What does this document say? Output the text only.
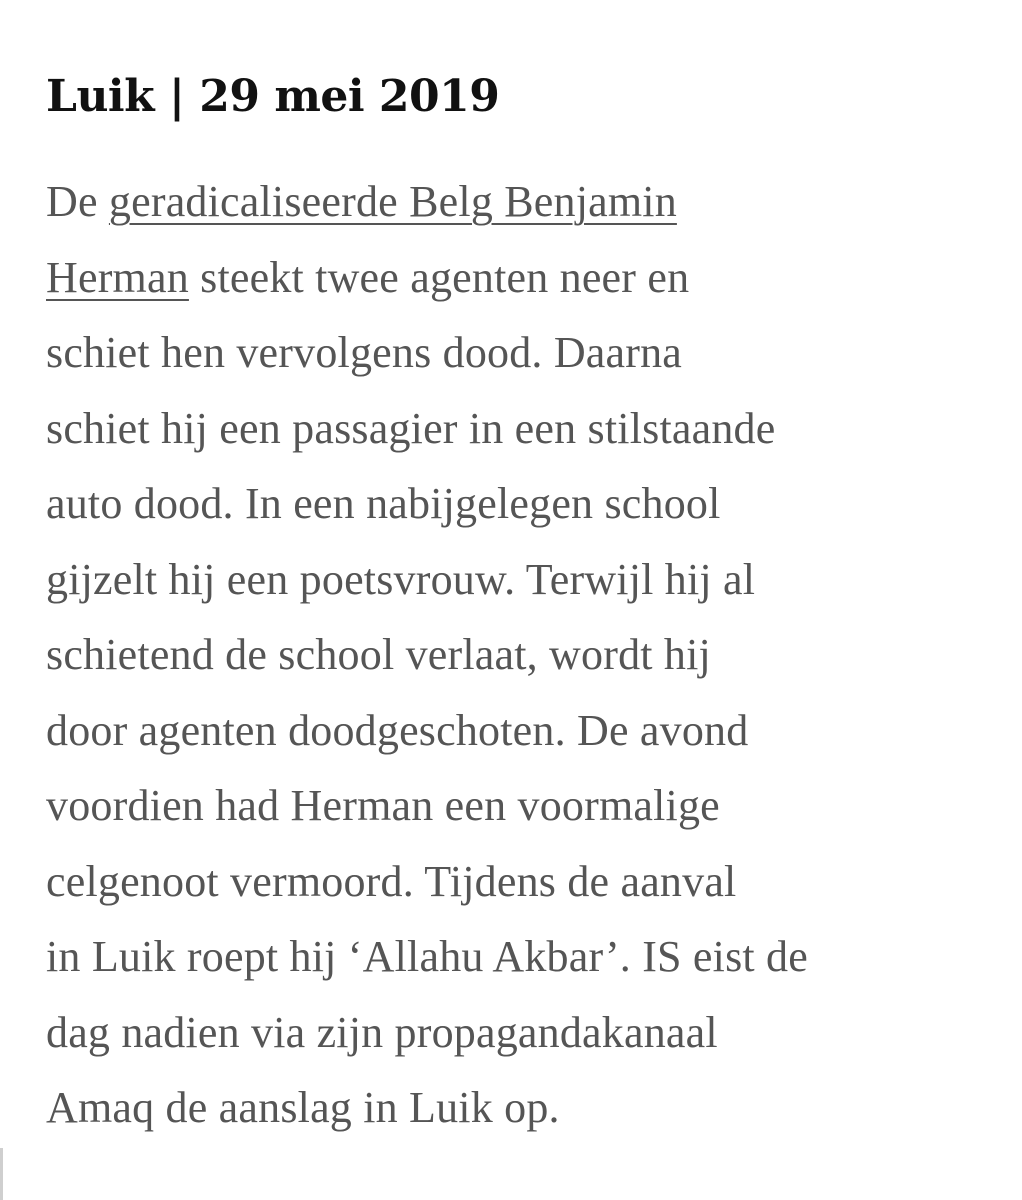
Luik | 29 mei 2019

De geradicaliseerde Belg Benjamin
Herman steekt twee agenten neer en
schiet hen vervolgens dood. Daarna
schiet hij een passagier in een stilstaande
auto dood. In een nabijgelegen school
gijzelt hij een poetsvrouw. Terwijl hij al
schietend de school verlaat, wordt hij
door agenten doodgeschoten. De avond
voordien had Herman een voormalige
celgenoot vermoord. Tijdens de aanval
in Luik roept hij ‘Allahu Akbar’. IS eist de
dag nadien via zijn propagandakanaal
Amaq de aanslag in Luik op.
